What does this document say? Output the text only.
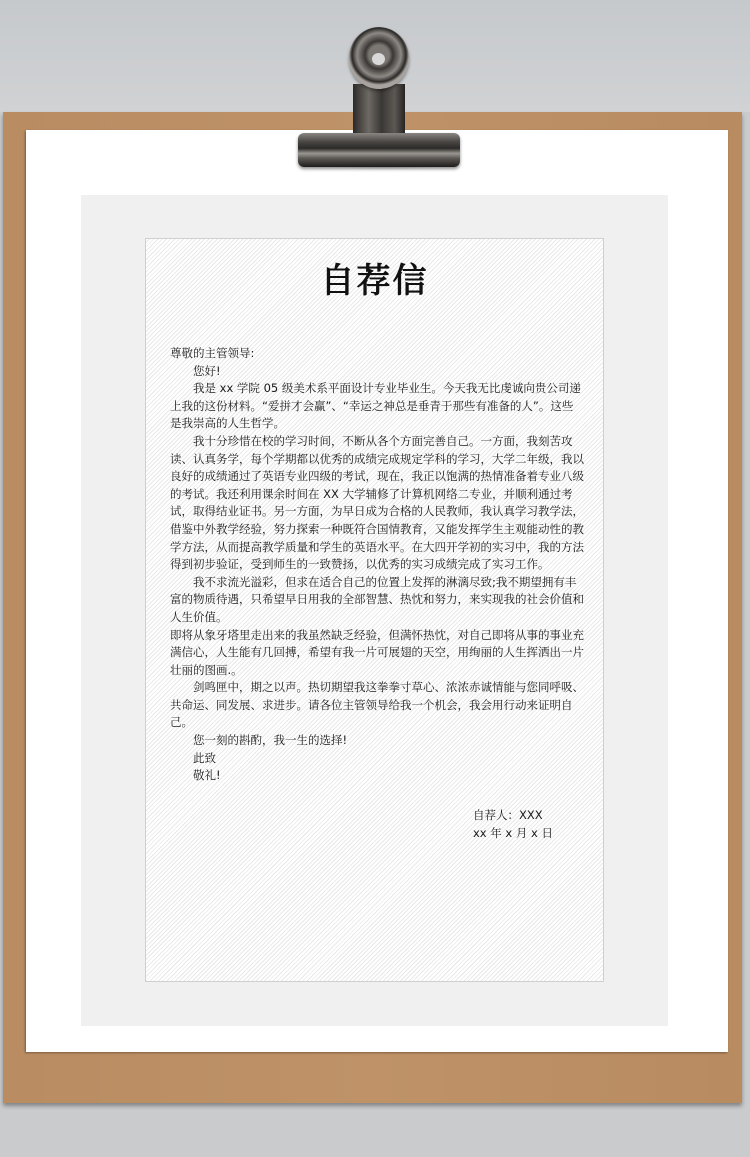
自荐信

尊敬的主管领导:

您好!

我是 xx 学院 05 级美术系平面设计专业毕业生。今天我无比虔诚向贵公司递上我的这份材料。“爱拼才会赢”、“幸运之神总是垂青于那些有准备的人”。这些是我崇高的人生哲学。

我十分珍惜在校的学习时间，不断从各个方面完善自己。一方面，我刻苦攻读、认真务学，每个学期都以优秀的成绩完成规定学科的学习，大学二年级，我以良好的成绩通过了英语专业四级的考试，现在，我正以饱满的热情准备着专业八级的考试。我还利用课余时间在 XX 大学辅修了计算机网络二专业，并顺利通过考试，取得结业证书。另一方面，为早日成为合格的人民教师，我认真学习教学法，借鉴中外教学经验，努力探索一种既符合国情教育，又能发挥学生主观能动性的教学方法，从而提高教学质量和学生的英语水平。在大四开学初的实习中，我的方法得到初步验证，受到师生的一致赞扬，以优秀的实习成绩完成了实习工作。

我不求流光溢彩，但求在适合自己的位置上发挥的淋漓尽致;我不期望拥有丰富的物质待遇，只希望早日用我的全部智慧、热忱和努力，来实现我的社会价值和人生价值。

即将从象牙塔里走出来的我虽然缺乏经验，但满怀热忱，对自己即将从事的事业充满信心，人生能有几回搏，希望有我一片可展翅的天空，用绚丽的人生挥洒出一片壮丽的图画.。

剑鸣匣中，期之以声。热切期望我这拳拳寸草心、浓浓赤诚情能与您同呼吸、共命运、同发展、求进步。请各位主管领导给我一个机会，我会用行动来证明自己。

您一刻的斟酌，我一生的选择!

此致

敬礼!

自荐人：XXX
xx 年 x 月 x 日
